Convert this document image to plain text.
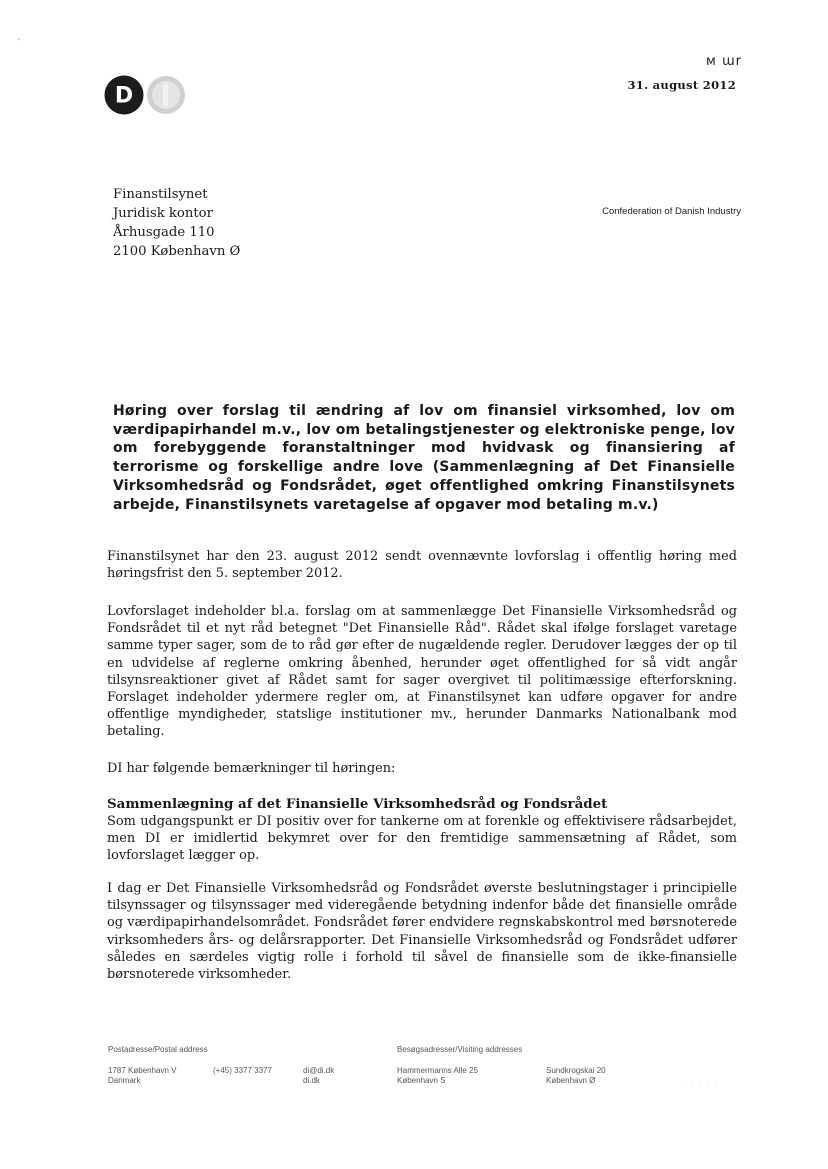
ʼ
ᴍ ɯr
D	31. august 2012
Finanstilsynet
Juridisk kontor
Århusgade 110
2100 København Ø
Confederation of Danish Industry
Høring over forslag til ændring af lov om finansiel virksomhed, lov om værdipapirhandel m.v., lov om betalingstjenester og elektroniske penge, lov om forebyggende foranstaltninger mod hvidvask og finansiering af terrorisme og forskellige andre love (Sammenlægning af Det Finansielle Virksomhedsråd og Fondsrådet, øget offentlighed omkring Finanstilsynets arbejde, Finanstilsynets varetagelse af opgaver mod betaling m.v.)
Finanstilsynet har den 23. august 2012 sendt ovennævnte lovforslag i offentlig høring med høringsfrist den 5. september 2012.
Lovforslaget indeholder bl.a. forslag om at sammenlægge Det Finansielle Virksomhedsråd og Fondsrådet til et nyt råd betegnet "Det Finansielle Råd". Rådet skal ifølge forslaget varetage samme typer sager, som de to råd gør efter de nugældende regler. Derudover lægges der op til en udvidelse af reglerne omkring åbenhed, herunder øget offentlighed for så vidt angår tilsynsreaktioner givet af Rådet samt for sager overgivet til politimæssige efterforskning. Forslaget indeholder ydermere regler om, at Finanstilsynet kan udføre opgaver for andre offentlige myndigheder, statslige institutioner mv., herunder Danmarks Nationalbank mod betaling.
DI har følgende bemærkninger til høringen:
Sammenlægning af det Finansielle Virksomhedsråd og Fondsrådet
Som udgangspunkt er DI positiv over for tankerne om at forenkle og effektivisere rådsarbejdet, men DI er imidlertid bekymret over for den fremtidige sammensætning af Rådet, som lovforslaget lægger op.
I dag er Det Finansielle Virksomhedsråd og Fondsrådet øverste beslutningstager i principielle tilsynssager og tilsynssager med videregående betydning indenfor både det finansielle område og værdipapirhandelsområdet. Fondsrådet fører endvidere regnskabskontrol med børsnoterede virksomheders års- og delårsrapporter. Det Finansielle Virksomhedsråd og Fondsrådet udfører således en særdeles vigtig rolle i forhold til såvel de finansielle som de ikke-finansielle børsnoterede virksomheder.
Postadresse/Postal address
1787 København V
Danmark
(+45) 3377 3377	di@di.dk
di.dk
Besøgsadresser/Visiting addresses
Hammermanns Alle 25
København S
Sundkrogskai 20
København Ø	· · · · ·
